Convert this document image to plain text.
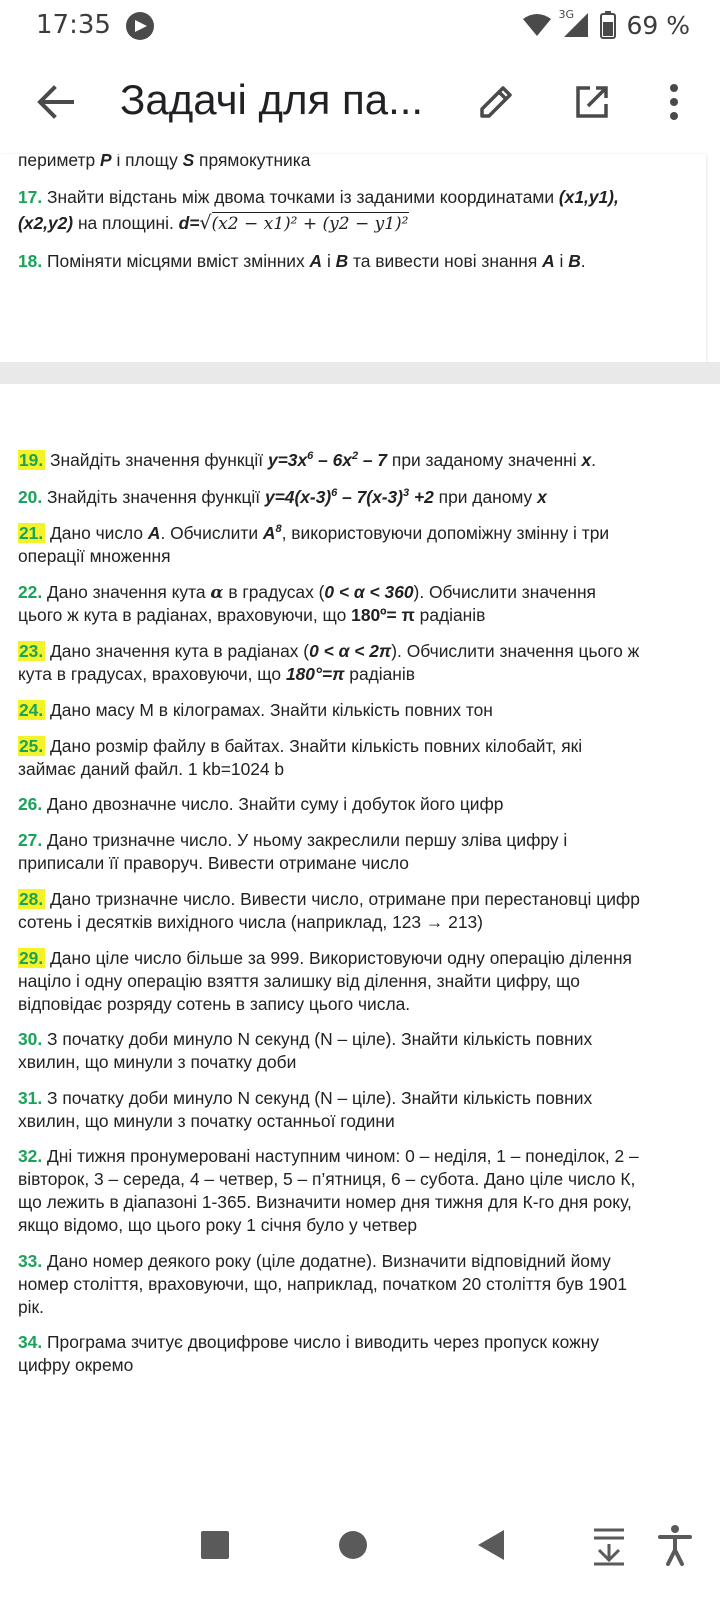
17:35	3G 69 %
Задачі для па...
периметр P і площу S прямокутника
17. Знайти відстань між двома точками із заданими координатами (x1,y1),
(x2,y2) на площині. d=√(x2 − x1)² + (y2 − y1)²
18. Поміняти місцями вміст змінних A і B та вивести нові знання A і B.
19. Знайдіть значення функції $y=3x^6 - 6x^2 - 7$ при заданому значенні x.
20. Знайдіть значення функції $y=4(x-3)^6 - 7(x-3)^3 +2$ при даному x
21. Дано число A. Обчислити $A^8$, використовуючи допоміжну змінну і три
операції множення
22. Дано значення кута α в градусах (0 < α < 360). Обчислити значення
цього ж кута в радіанах, враховуючи, що 180º= π радіанів
23. Дано значення кута в радіанах (0 < α < 2π). Обчислити значення цього ж
кута в градусах, враховуючи, що 180°=π радіанів
24. Дано масу М в кілограмах. Знайти кількість повних тон
25. Дано розмір файлу в байтах. Знайти кількість повних кілобайт, які
займає даний файл. 1 kb=1024 b
26. Дано двозначне число. Знайти суму і добуток його цифр
27. Дано тризначне число. У ньому закреслили першу зліва цифру і
приписали її праворуч. Вивести отримане число
28. Дано тризначне число. Вивести число, отримане при перестановці цифр
сотень і десятків вихідного числа (наприклад, 123 → 213)
29. Дано ціле число більше за 999. Використовуючи одну операцію ділення
націло і одну операцію взяття залишку від ділення, знайти цифру, що
відповідає розряду сотень в запису цього числа.
30. З початку доби минуло N секунд (N – ціле). Знайти кількість повних
хвилин, що минули з початку доби
31. З початку доби минуло N секунд (N – ціле). Знайти кількість повних
хвилин, що минули з початку останньої години
32. Дні тижня пронумеровані наступним чином: 0 – неділя, 1 – понеділок, 2 –
вівторок, 3 – середа, 4 – четвер, 5 – п’ятниця, 6 – субота. Дано ціле число К,
що лежить в діапазоні 1-365. Визначити номер дня тижня для К-го дня року,
якщо відомо, що цього року 1 січня було у четвер
33. Дано номер деякого року (ціле додатне). Визначити відповідний йому
номер століття, враховуючи, що, наприклад, початком 20 століття був 1901
рік.
34. Програма зчитує двоцифрове число і виводить через пропуск кожну
цифру окремо
